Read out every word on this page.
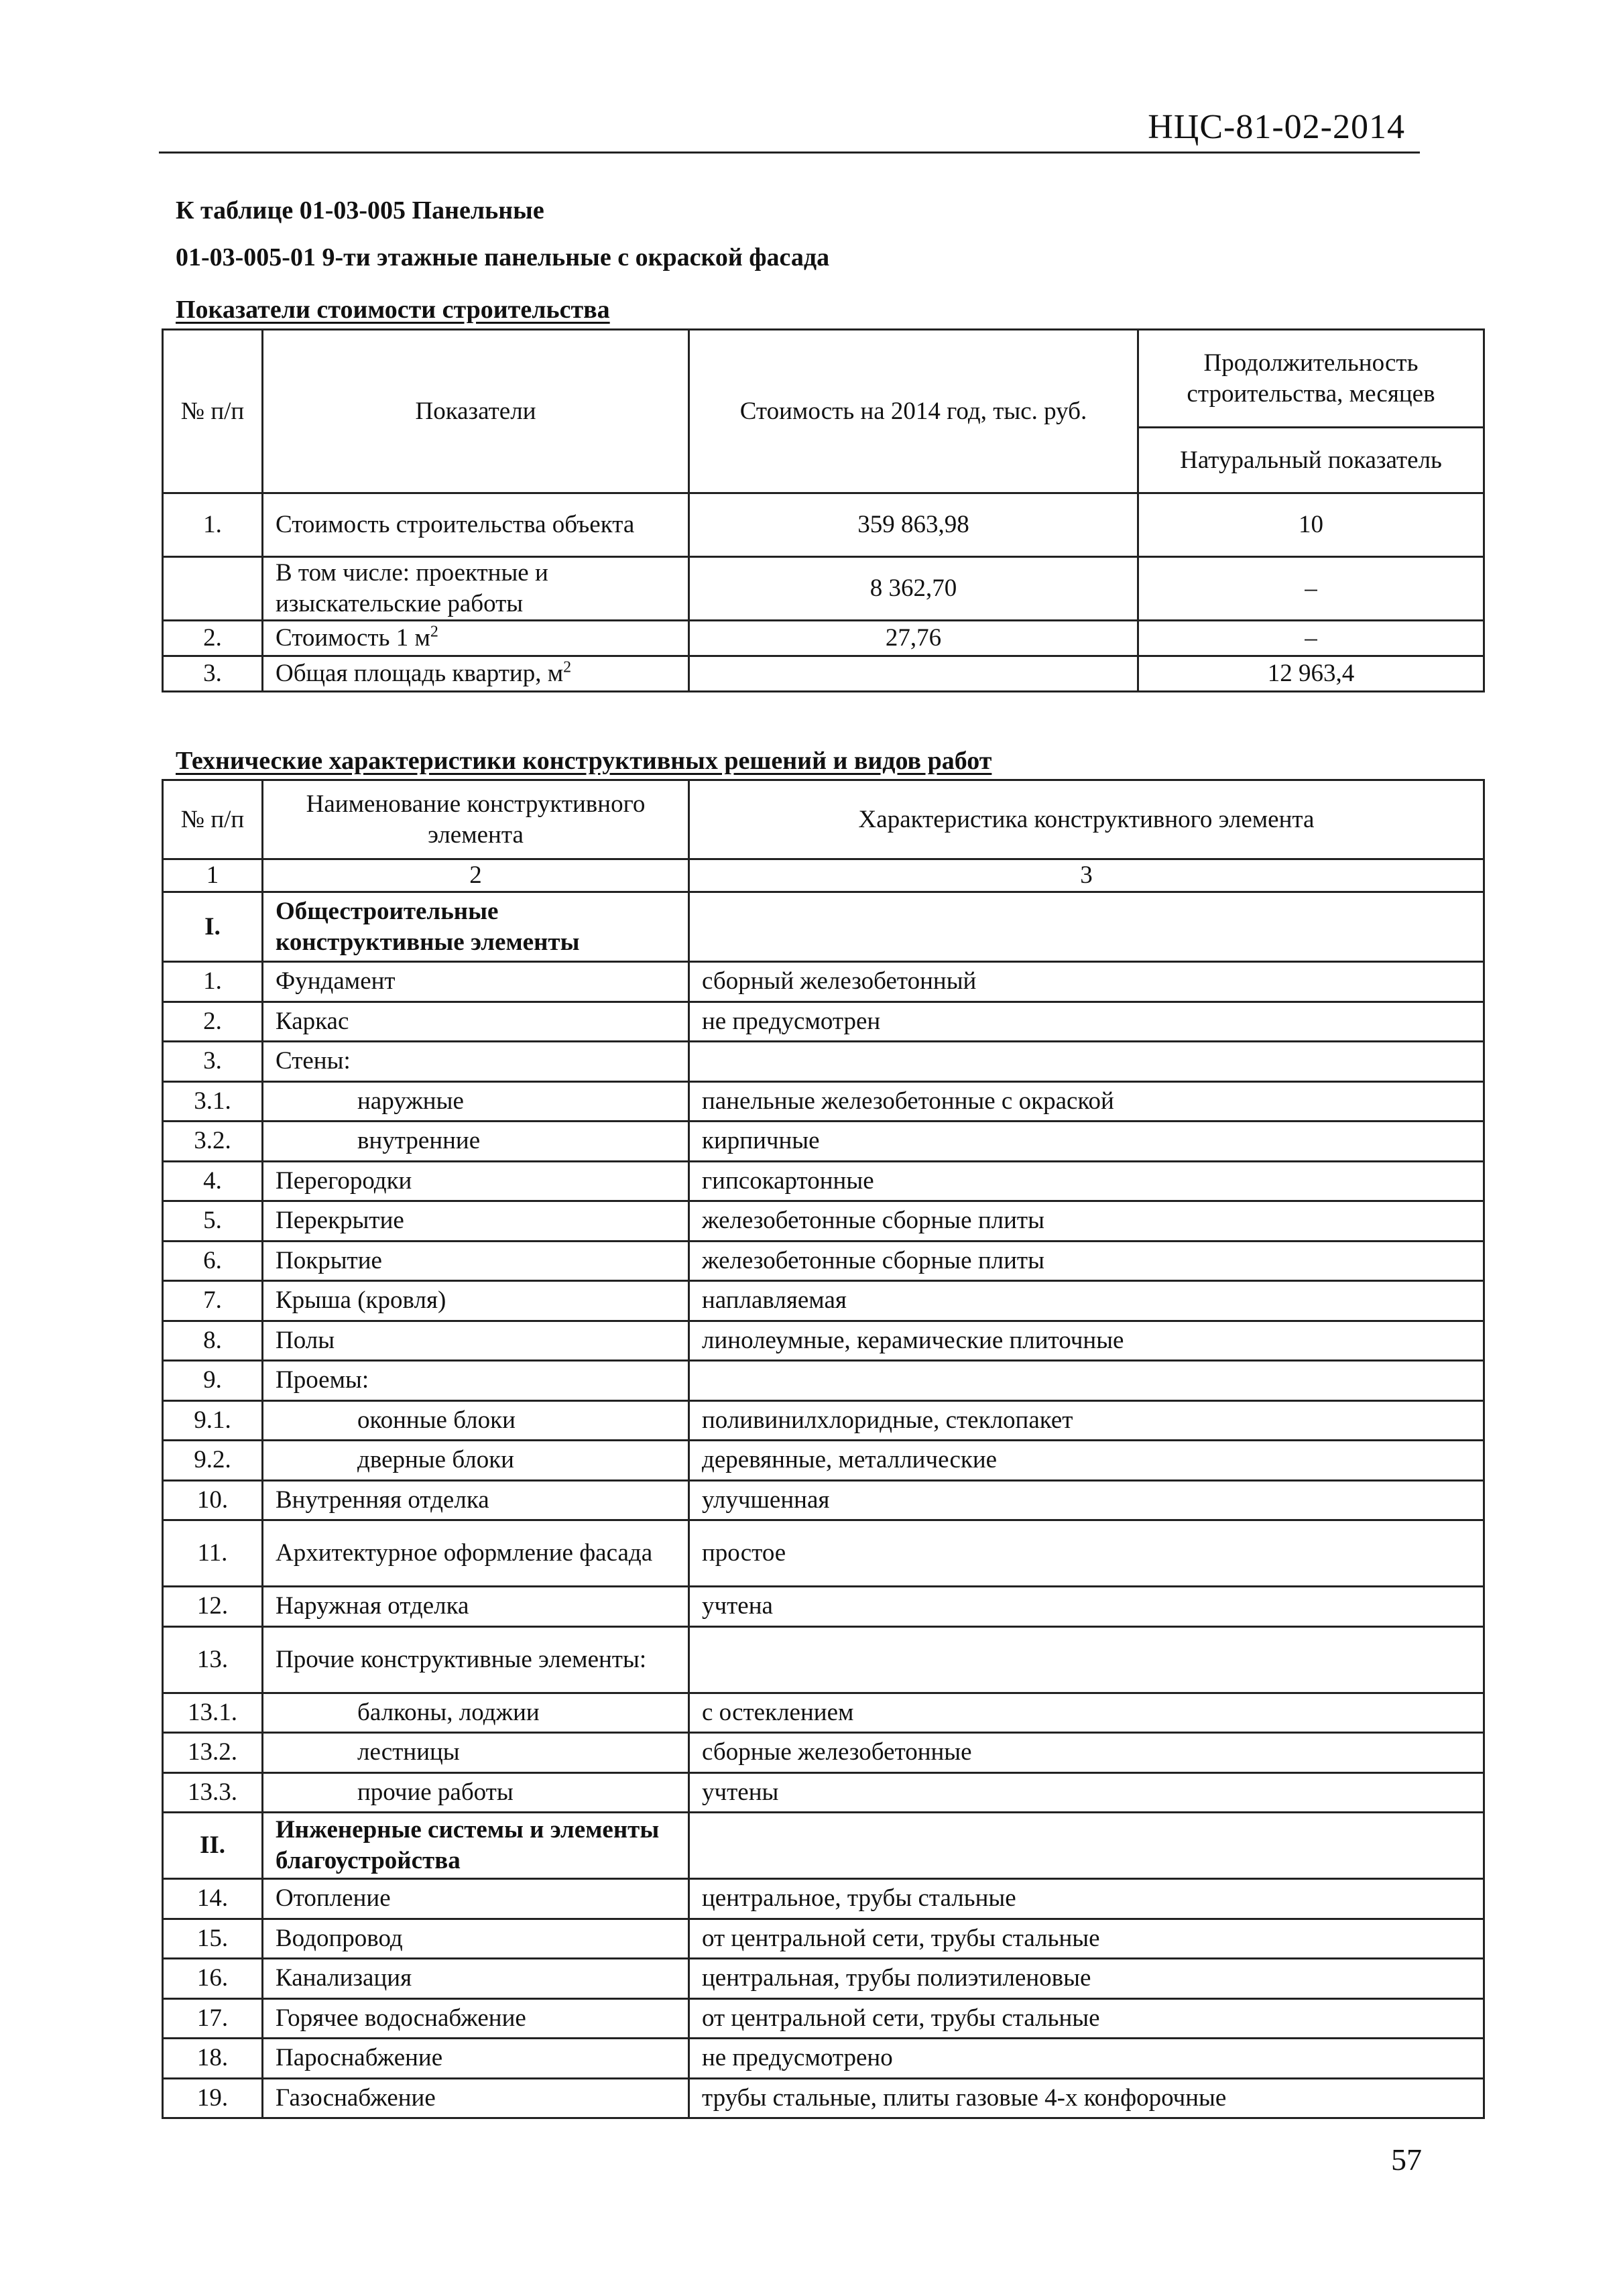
НЦС-81-02-2014
К таблице 01-03-005 Панельные
01-03-005-01 9-ти этажные панельные с окраской фасада
Показатели стоимости строительства
№ п/п	Показатели	Стоимость на 2014 год, тыс. руб.	Продолжительность строительства, месяцев
			Натуральный показатель
1.	Стоимость строительства объекта	359 863,98	10
	В том числе: проектные и изыскательские работы	8 362,70	–
2.	Стоимость 1 $м^2$	27,76	–
3.	Общая площадь квартир, $м^2$		12 963,4
Технические характеристики конструктивных решений и видов работ
№ п/п	Наименование конструктивного элемента	Характеристика конструктивного элемента
1	2	3
I.	Общестроительные конструктивные элементы	
1.	Фундамент	сборный железобетонный
2.	Каркас	не предусмотрен
3.	Стены:	
3.1.	наружные	панельные железобетонные с окраской
3.2.	внутренние	кирпичные
4.	Перегородки	гипсокартонные
5.	Перекрытие	железобетонные сборные плиты
6.	Покрытие	железобетонные сборные плиты
7.	Крыша (кровля)	наплавляемая
8.	Полы	линолеумные, керамические плиточные
9.	Проемы:	
9.1.	оконные блоки	поливинилхлоридные, стеклопакет
9.2.	дверные блоки	деревянные, металлические
10.	Внутренняя отделка	улучшенная
11.	Архитектурное оформление фасада	простое
12.	Наружная отделка	учтена
13.	Прочие конструктивные элементы:	
13.1.	балконы, лоджии	с остеклением
13.2.	лестницы	сборные железобетонные
13.3.	прочие работы	учтены
II.	Инженерные системы и элементы благоустройства	
14.	Отопление	центральное, трубы стальные
15.	Водопровод	от центральной сети, трубы стальные
16.	Канализация	центральная, трубы полиэтиленовые
17.	Горячее водоснабжение	от центральной сети, трубы стальные
18.	Пароснабжение	не предусмотрено
19.	Газоснабжение	трубы стальные, плиты газовые 4-х конфорочные
57
